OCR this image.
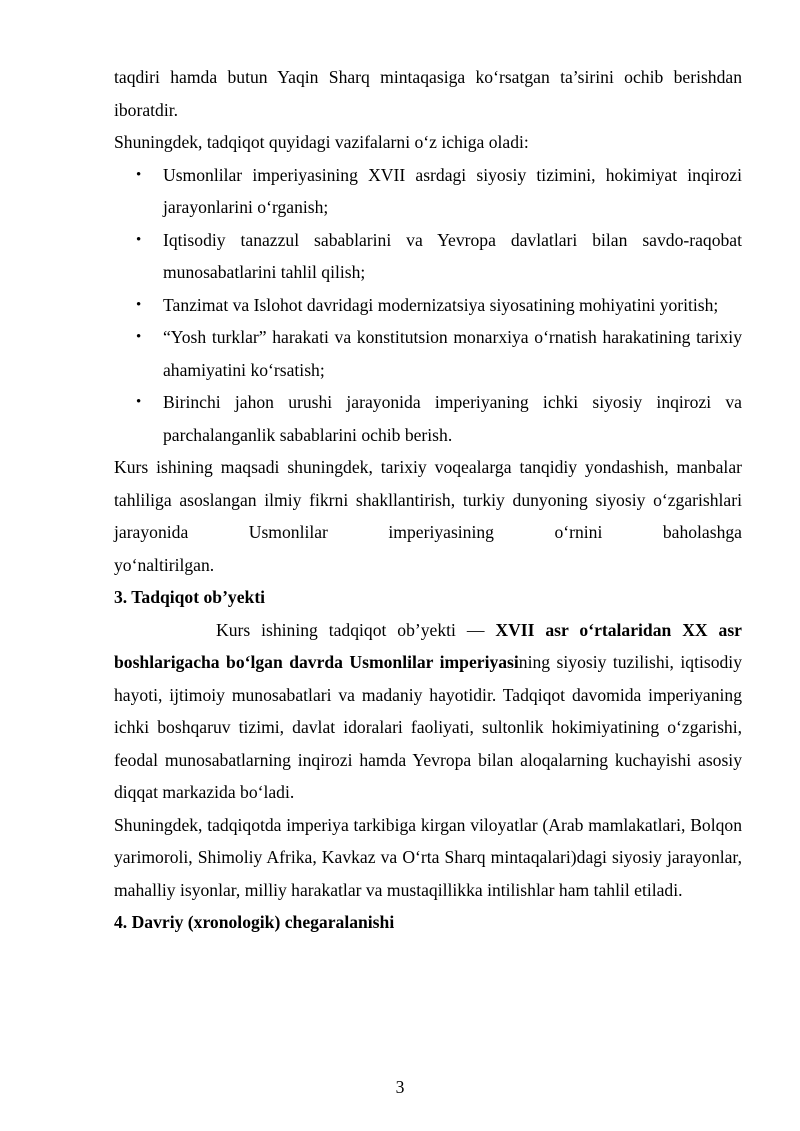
taqdiri hamda butun Yaqin Sharq mintaqasiga ko‘rsatgan ta’sirini ochib berishdan iboratdir.

Shuningdek, tadqiqot quyidagi vazifalarni o‘z ichiga oladi:

• Usmonlilar imperiyasining XVII asrdagi siyosiy tizimini, hokimiyat inqirozi jarayonlarini o‘rganish;
• Iqtisodiy tanazzul sabablarini va Yevropa davlatlari bilan savdo-raqobat munosabatlarini tahlil qilish;
• Tanzimat va Islohot davridagi modernizatsiya siyosatining mohiyatini yoritish;
• “Yosh turklar” harakati va konstitutsion monarxiya o‘rnatish harakatining tarixiy ahamiyatini ko‘rsatish;
• Birinchi jahon urushi jarayonida imperiyaning ichki siyosiy inqirozi va parchalanganlik sabablarini ochib berish.

Kurs ishining maqsadi shuningdek, tarixiy voqealarga tanqidiy yondashish, manbalar tahliliga asoslangan ilmiy fikrni shakllantirish, turkiy dunyoning siyosiy o‘zgarishlari jarayonida Usmonlilar imperiyasining o‘rnini baholashga

yo‘naltirilgan.

3. Tadqiqot ob’yekti

Kurs ishining tadqiqot ob’yekti — XVII asr o‘rtalaridan XX asr boshlarigacha bo‘lgan davrda Usmonlilar imperiyasining siyosiy tuzilishi, iqtisodiy hayoti, ijtimoiy munosabatlari va madaniy hayotidir. Tadqiqot davomida imperiyaning ichki boshqaruv tizimi, davlat idoralari faoliyati, sultonlik hokimiyatining o‘zgarishi, feodal munosabatlarning inqirozi hamda Yevropa bilan aloqalarning kuchayishi asosiy diqqat markazida bo‘ladi.

Shuningdek, tadqiqotda imperiya tarkibiga kirgan viloyatlar (Arab mamlakatlari, Bolqon yarimoroli, Shimoliy Afrika, Kavkaz va O‘rta Sharq mintaqalari)dagi siyosiy jarayonlar, mahalliy isyonlar, milliy harakatlar va mustaqillikka intilishlar ham tahlil etiladi.

4. Davriy (xronologik) chegaralanishi
3
